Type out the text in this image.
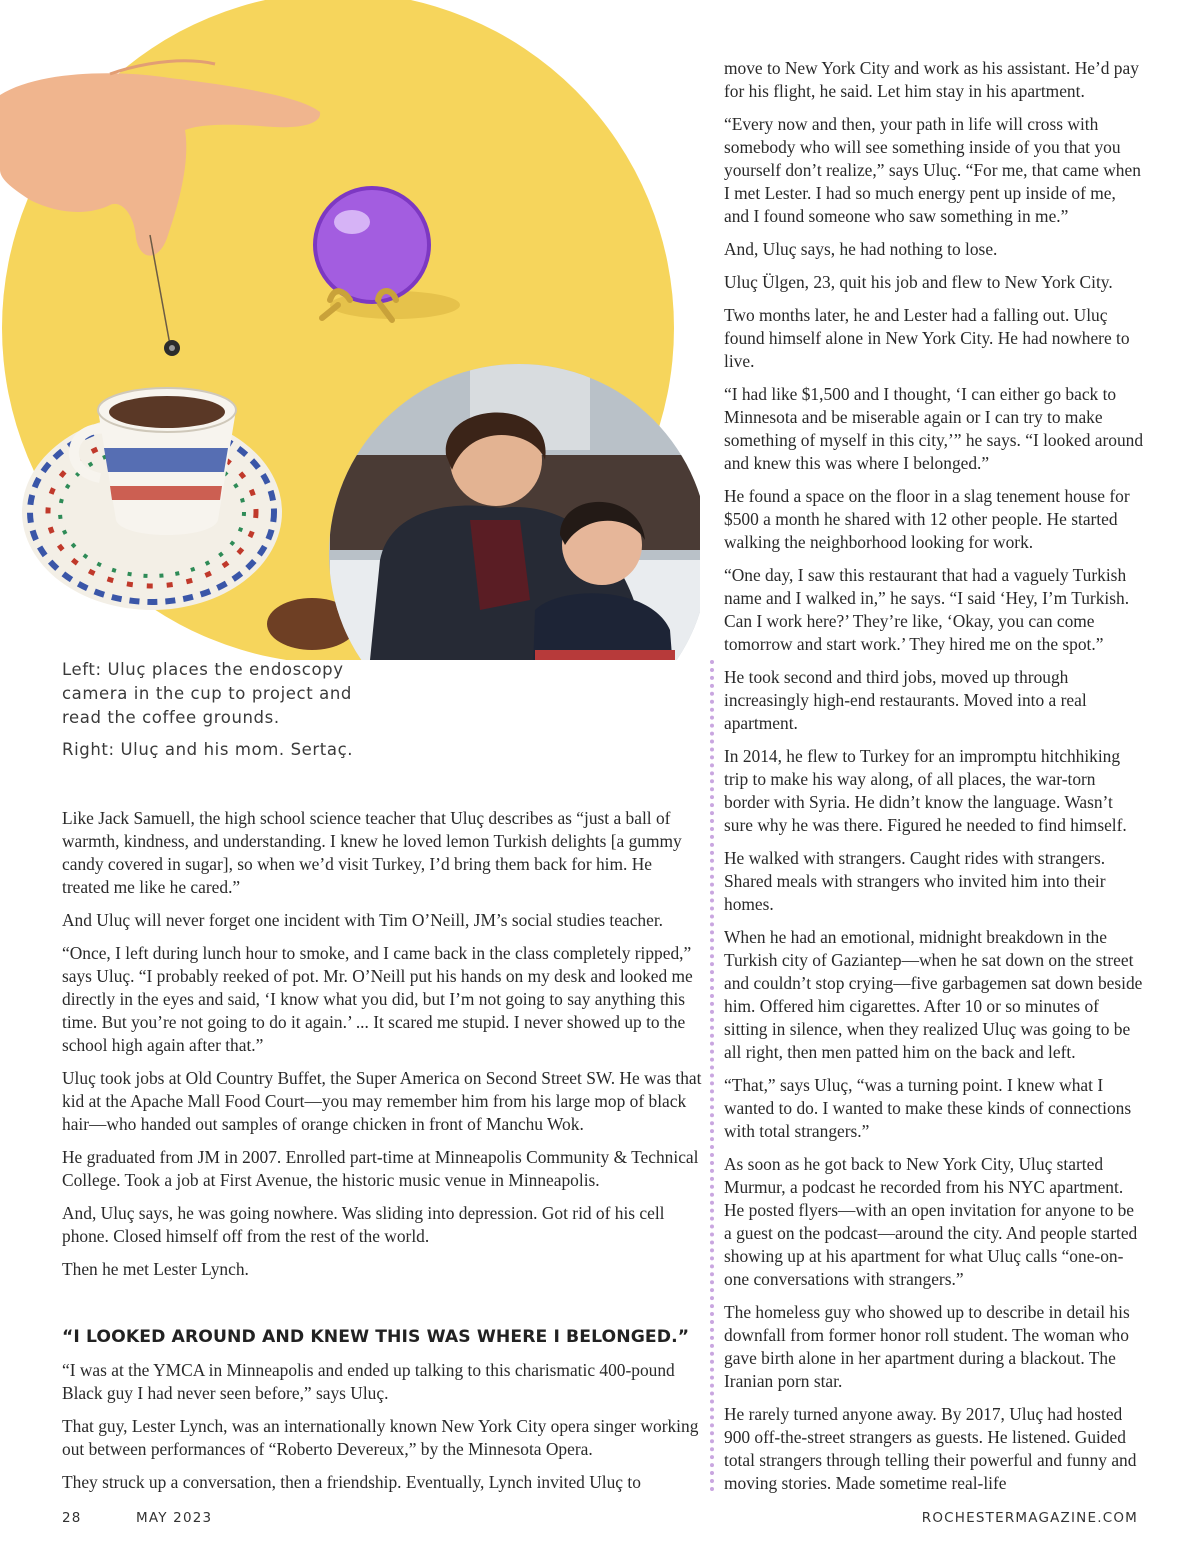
Left: Uluç places the endoscopy camera in the cup to project and read the coffee grounds.

Right: Uluç and his mom. Sertaç.

Like Jack Samuell, the high school science teacher that Uluç describes as “just a ball of warmth, kindness, and understanding. I knew he loved lemon Turkish delights [a gummy candy covered in sugar], so when we’d visit Turkey, I’d bring them back for him. He treated me like he cared.”

And Uluç will never forget one incident with Tim O’Neill, JM’s social studies teacher.

“Once, I left during lunch hour to smoke, and I came back in the class completely ripped,” says Uluç. “I probably reeked of pot. Mr. O’Neill put his hands on my desk and looked me directly in the eyes and said, ‘I know what you did, but I’m not going to say anything this time. But you’re not going to do it again.’ ... It scared me stupid. I never showed up to the school high again after that.”

Uluç took jobs at Old Country Buffet, the Super America on Second Street SW. He was that kid at the Apache Mall Food Court—you may remember him from his large mop of black hair—who handed out samples of orange chicken in front of Manchu Wok.

He graduated from JM in 2007. Enrolled part-time at Minneapolis Community & Technical College. Took a job at First Avenue, the historic music venue in Minneapolis.

And, Uluç says, he was going nowhere. Was sliding into depression. Got rid of his cell phone. Closed himself off from the rest of the world.

Then he met Lester Lynch.

“I LOOKED AROUND AND KNEW THIS WAS WHERE I BELONGED.”

“I was at the YMCA in Minneapolis and ended up talking to this charismatic 400-pound Black guy I had never seen before,” says Uluç.

That guy, Lester Lynch, was an internationally known New York City opera singer working out between performances of “Roberto Devereux,” by the Minnesota Opera.

They struck up a conversation, then a friendship. Eventually, Lynch invited Uluç to

move to New York City and work as his assistant. He’d pay for his flight, he said. Let him stay in his apartment.

“Every now and then, your path in life will cross with somebody who will see something inside of you that you yourself don’t realize,” says Uluç. “For me, that came when I met Lester. I had so much energy pent up inside of me, and I found someone who saw something in me.”

And, Uluç says, he had nothing to lose.

Uluç Ülgen, 23, quit his job and flew to New York City.

Two months later, he and Lester had a falling out. Uluç found himself alone in New York City. He had nowhere to live.

“I had like $1,500 and I thought, ‘I can either go back to Minnesota and be miserable again or I can try to make something of myself in this city,’” he says. “I looked around and knew this was where I belonged.”

He found a space on the floor in a slag tenement house for $500 a month he shared with 12 other people. He started walking the neighborhood looking for work.

“One day, I saw this restaurant that had a vaguely Turkish name and I walked in,” he says. “I said ‘Hey, I’m Turkish. Can I work here?’ They’re like, ‘Okay, you can come tomorrow and start work.’ They hired me on the spot.”

He took second and third jobs, moved up through increasingly high-end restaurants. Moved into a real apartment.

In 2014, he flew to Turkey for an impromptu hitchhiking trip to make his way along, of all places, the war-torn border with Syria. He didn’t know the language. Wasn’t sure why he was there. Figured he needed to find himself.

He walked with strangers. Caught rides with strangers. Shared meals with strangers who invited him into their homes.

When he had an emotional, midnight breakdown in the Turkish city of Gaziantep—when he sat down on the street and couldn’t stop crying—five garbagemen sat down beside him. Offered him cigarettes. After 10 or so minutes of sitting in silence, when they realized Uluç was going to be all right, then men patted him on the back and left.

“That,” says Uluç, “was a turning point. I knew what I wanted to do. I wanted to make these kinds of connections with total strangers.”

As soon as he got back to New York City, Uluç started Murmur, a podcast he recorded from his NYC apartment. He posted flyers—with an open invitation for anyone to be a guest on the podcast—around the city. And people started showing up at his apartment for what Uluç calls “one-on-one conversations with strangers.”

The homeless guy who showed up to describe in detail his downfall from former honor roll student. The woman who gave birth alone in her apartment during a blackout. The Iranian porn star.

He rarely turned anyone away. By 2017, Uluç had hosted 900 off-the-street strangers as guests. He listened. Guided total strangers through telling their powerful and funny and moving stories. Made sometime real-life

28	MAY 2023	ROCHESTERMAGAZINE.COM
